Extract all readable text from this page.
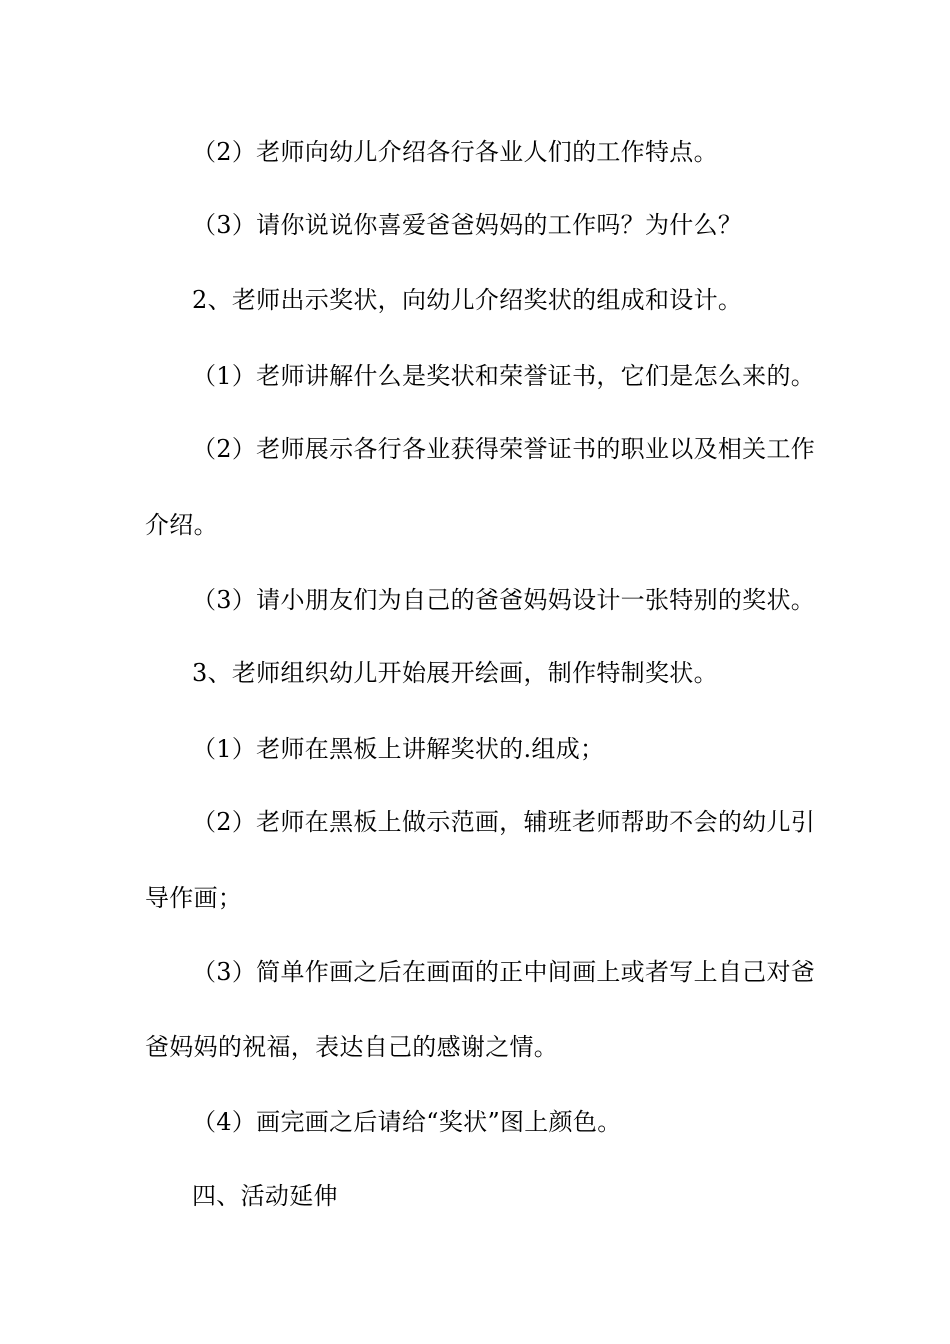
（2）老师向幼儿介绍各行各业人们的工作特点。
（3）请你说说你喜爱爸爸妈妈的工作吗？为什么？
2、老师出示奖状，向幼儿介绍奖状的组成和设计。
（1）老师讲解什么是奖状和荣誉证书，它们是怎么来的。
（2）老师展示各行各业获得荣誉证书的职业以及相关工作
介绍。
（3）请小朋友们为自己的爸爸妈妈设计一张特别的奖状。
3、老师组织幼儿开始展开绘画，制作特制奖状。
（1）老师在黑板上讲解奖状的.组成；
（2）老师在黑板上做示范画，辅班老师帮助不会的幼儿引
导作画；
（3）简单作画之后在画面的正中间画上或者写上自己对爸
爸妈妈的祝福，表达自己的感谢之情。
（4）画完画之后请给“奖状”图上颜色。
四、活动延伸
